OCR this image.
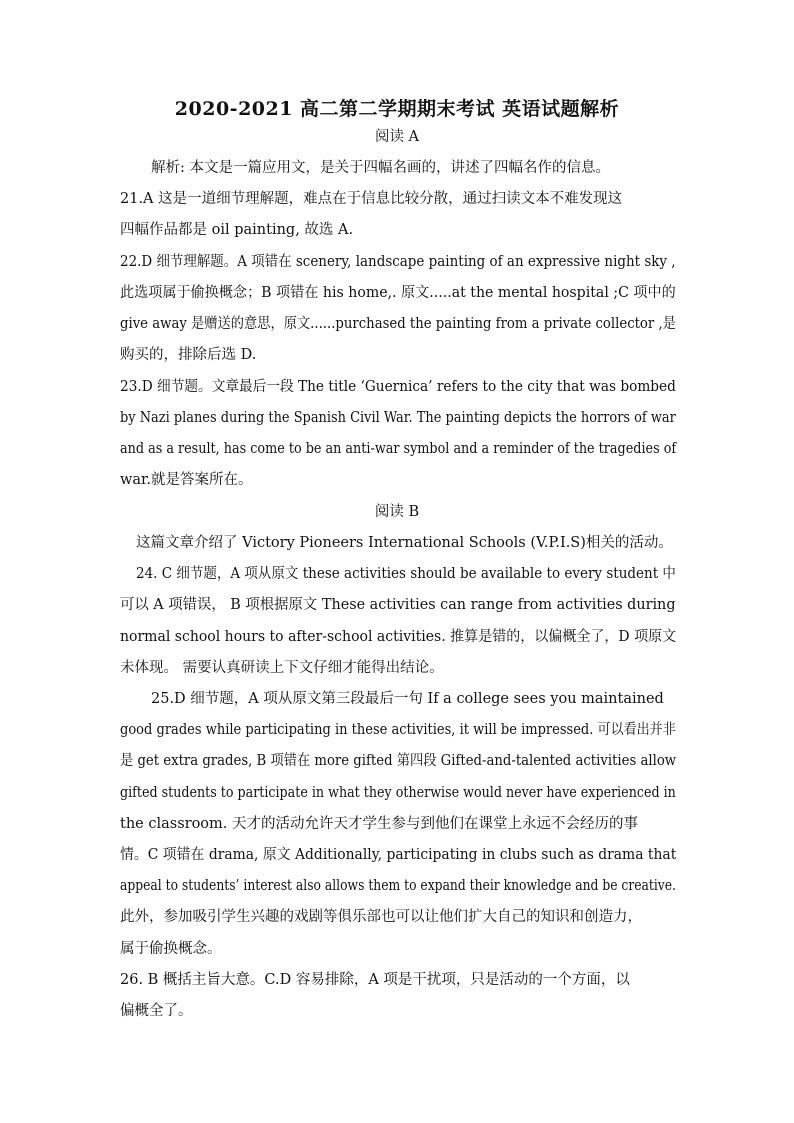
2020-2021 高二第二学期期末考试 英语试题解析
阅读 A
解析: 本文是一篇应用文，是关于四幅名画的，讲述了四幅名作的信息。
21.A 这是一道细节理解题，难点在于信息比较分散，通过扫读文本不难发现这
四幅作品都是 oil painting, 故选 A.
22.D 细节理解题。A 项错在 scenery, landscape painting of an expressive night sky ,
此选项属于偷换概念；B 项错在 his home,. 原文.....at the mental hospital ;C 项中的
give away 是赠送的意思，原文......purchased the painting from a private collector ,是
购买的，排除后选 D.
23.D 细节题。文章最后一段 The title ‘Guernica’ refers to the city that was bombed
by Nazi planes during the Spanish Civil War. The painting depicts the horrors of war
and as a result, has come to be an anti-war symbol and a reminder of the tragedies of
war.就是答案所在。
阅读 B
这篇文章介绍了 Victory Pioneers International Schools (V.P.I.S)相关的活动。
24. C 细节题，A 项从原文 these activities should be available to every student 中
可以 A 项错误， B 项根据原文 These activities can range from activities during
normal school hours to after-school activities. 推算是错的，以偏概全了，D 项原文
未体现。 需要认真研读上下文仔细才能得出结论。
25.D 细节题，A 项从原文第三段最后一句 If a college sees you maintained
good grades while participating in these activities, it will be impressed. 可以看出并非
是 get extra grades, B 项错在 more gifted 第四段 Gifted-and-talented activities allow
gifted students to participate in what they otherwise would never have experienced in
the classroom. 天才的活动允许天才学生参与到他们在课堂上永远不会经历的事
情。C 项错在 drama, 原文 Additionally, participating in clubs such as drama that
appeal to students’ interest also allows them to expand their knowledge and be creative.
此外，参加吸引学生兴趣的戏剧等俱乐部也可以让他们扩大自己的知识和创造力，
属于偷换概念。
26. B 概括主旨大意。C.D 容易排除，A 项是干扰项，只是活动的一个方面，以
偏概全了。
